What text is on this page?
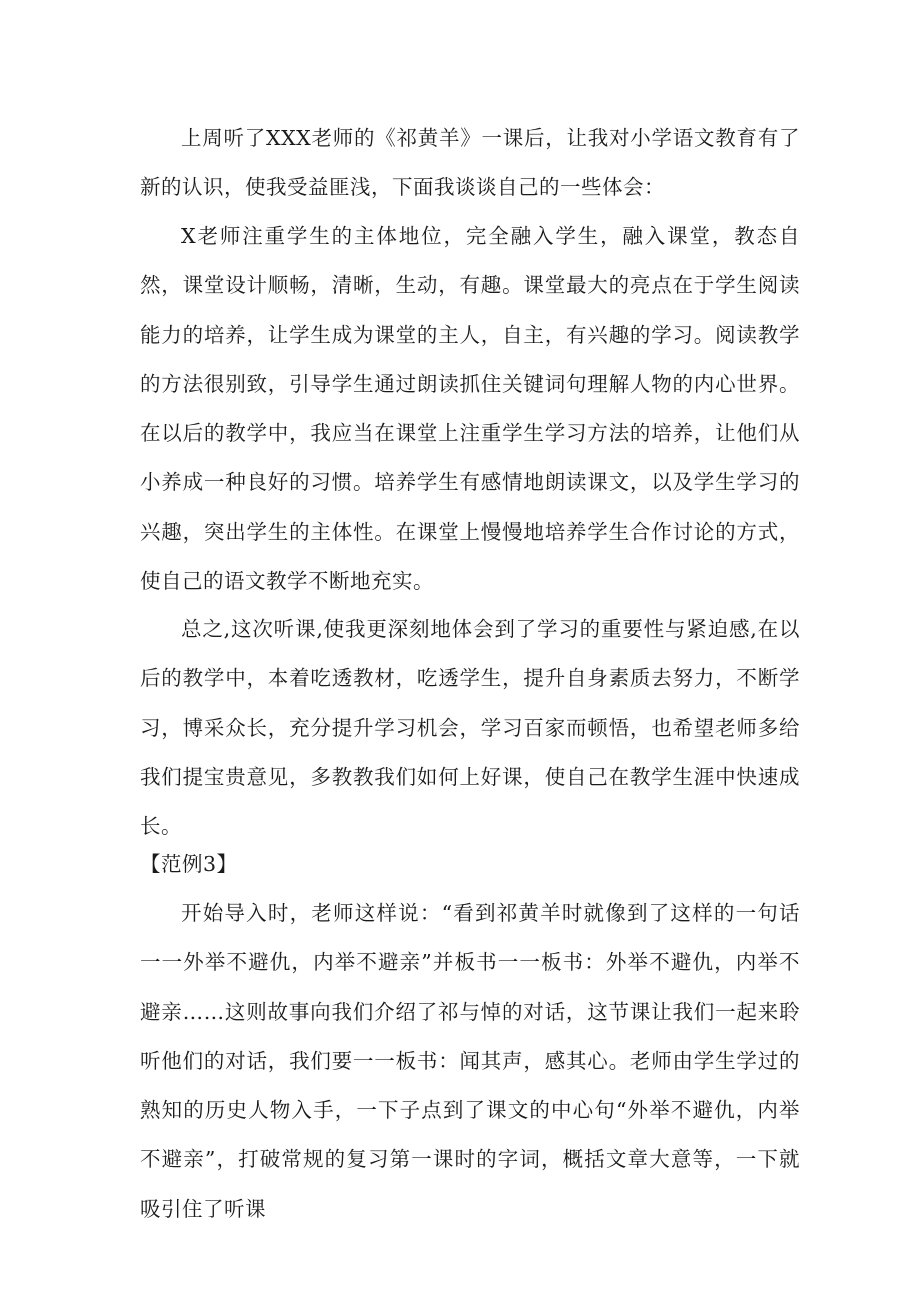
上周听了XXX老师的《祁黄羊》一课后，让我对小学语文教育有了新的认识，使我受益匪浅，下面我谈谈自己的一些体会：

X老师注重学生的主体地位，完全融入学生，融入课堂，教态自然，课堂设计顺畅，清晰，生动，有趣。课堂最大的亮点在于学生阅读能力的培养，让学生成为课堂的主人，自主，有兴趣的学习。阅读教学的方法很别致，引导学生通过朗读抓住关键词句理解人物的内心世界。在以后的教学中，我应当在课堂上注重学生学习方法的培养，让他们从小养成一种良好的习惯。培养学生有感情地朗读课文，以及学生学习的兴趣，突出学生的主体性。在课堂上慢慢地培养学生合作讨论的方式，使自己的语文教学不断地充实。

总之,这次听课,使我更深刻地体会到了学习的重要性与紧迫感,在以后的教学中，本着吃透教材，吃透学生，提升自身素质去努力，不断学习，博采众长，充分提升学习机会，学习百家而顿悟，也希望老师多给我们提宝贵意见，多教教我们如何上好课，使自己在教学生涯中快速成长。

【范例3】

开始导入时，老师这样说：“看到祁黄羊时就像到了这样的一句话一一外举不避仇，内举不避亲”并板书一一板书：外举不避仇，内举不避亲……这则故事向我们介绍了祁与悼的对话，这节课让我们一起来聆听他们的对话，我们要一一板书：闻其声，感其心。老师由学生学过的熟知的历史人物入手，一下子点到了课文的中心句“外举不避仇，内举不避亲”，打破常规的复习第一课时的字词，概括文章大意等，一下就吸引住了听课
